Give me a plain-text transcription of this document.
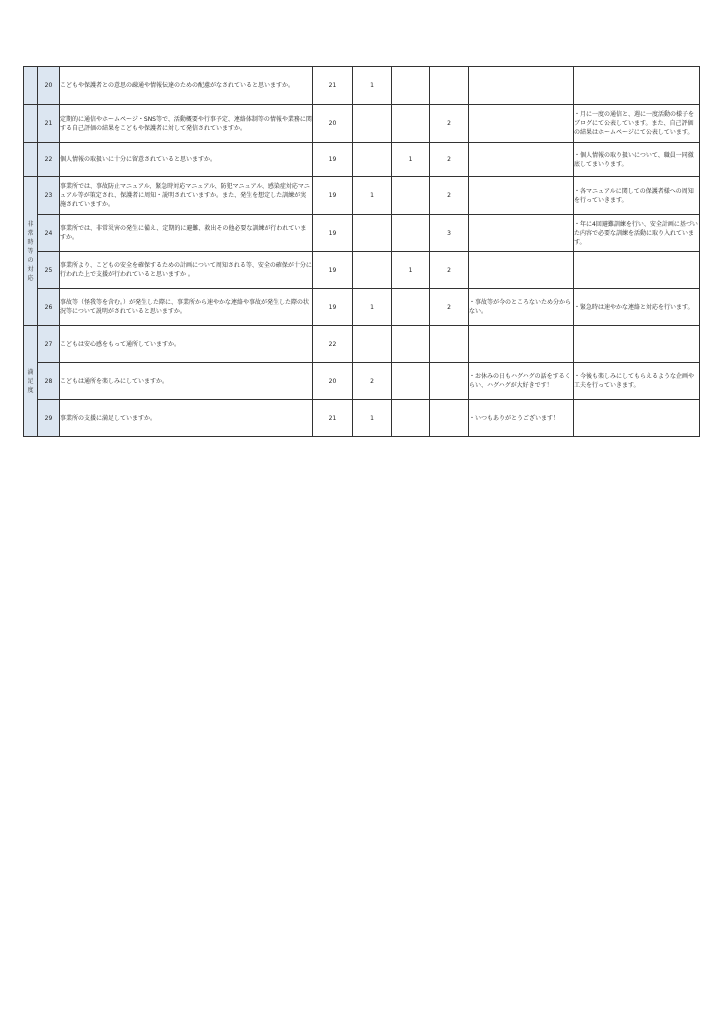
	20	こどもや保護者との意思の疎通や情報伝達のための配慮がなされていると思いますか。	21	1				
	21	定期的に通信やホームページ・SNS等で、活動概要や行事予定、連絡体制等の情報や業務に関する自己評価の結果をこどもや保護者に対して発信されていますか。	20			2		・月に一度の通信と、週に一度活動の様子をブログにて公表しています。また、自己評価の結果はホームページにて公表しています。
	22	個人情報の取扱いに十分に留意されていると思いますか。	19		1	2		・個人情報の取り扱いについて、職員一同徹底してまいります。
非常時等の対応	23	事業所では、事故防止マニュアル、緊急時対応マニュアル、防犯マニュアル、感染症対応マニュアル等が策定され、保護者に周知・説明されていますか。また、発生を想定した訓練が実施されていますか。	19	1		2		・各マニュアルに関しての保護者様への周知を行っていきます。
	24	事業所では、非常災害の発生に備え、定期的に避難、救出その他必要な訓練が行われていますか。	19			3		・年に4回避難訓練を行い、安全計画に基づいた内容で必要な訓練を活動に取り入れています。
	25	事業所より、こどもの安全を確保するための計画について周知される等、安全の確保が十分に行われた上で支援が行われていると思いますか 。	19		1	2		
	26	事故等（怪我等を含む。）が発生した際に、事業所から速やかな連絡や事故が発生した際の状況等について説明がされていると思いますか。	19	1		2	・事故等が今のところないため分からない。	・緊急時は速やかな連絡と対応を行います。
満足度	27	こどもは安心感をもって通所していますか。	22					
	28	こどもは通所を楽しみにしていますか。	20	2			・お休みの日もハグハグの話をするくらい、ハグハグが大好きです！	・今後も楽しみにしてもらえるような企画や工夫を行っていきます。
	29	事業所の支援に満足していますか。	21	1			・いつもありがとうございます！	
